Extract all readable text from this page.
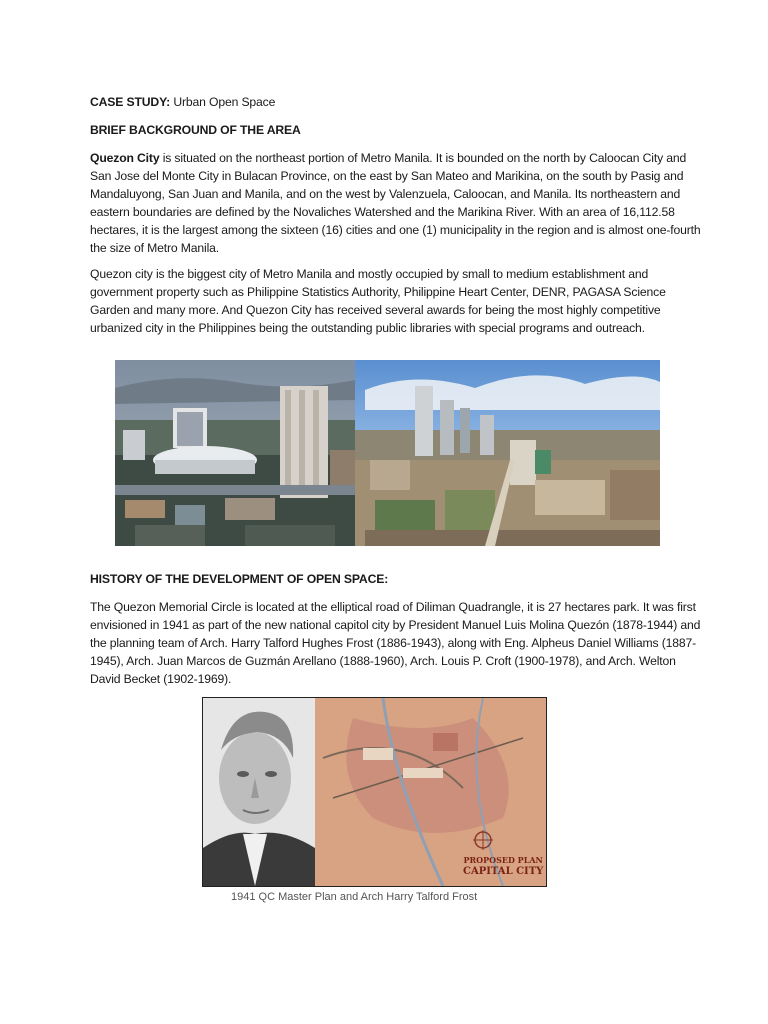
CASE STUDY: Urban Open Space
BRIEF BACKGROUND OF THE AREA
Quezon City is situated on the northeast portion of Metro Manila. It is bounded on the north by Caloocan City and
San Jose del Monte City in Bulacan Province, on the east by San Mateo and Marikina, on the south by Pasig and
Mandaluyong, San Juan and Manila, and on the west by Valenzuela, Caloocan, and Manila. Its northeastern and
eastern boundaries are defined by the Novaliches Watershed and the Marikina River. With an area of 16,112.58
hectares, it is the largest among the sixteen (16) cities and one (1) municipality in the region and is almost one-fourth
the size of Metro Manila.
Quezon city is the biggest city of Metro Manila and mostly occupied by small to medium establishment and
government property such as Philippine Statistics Authority, Philippine Heart Center, DENR, PAGASA Science
Garden and many more. And Quezon City has received several awards for being the most highly competitive
urbanized city in the Philippines being the outstanding public libraries with special programs and outreach.
HISTORY OF THE DEVELOPMENT OF OPEN SPACE:
The Quezon Memorial Circle is located at the elliptical road of Diliman Quadrangle, it is 27 hectares park. It was first
envisioned in 1941 as part of the new national capitol city by President Manuel Luis Molina Quezón (1878-1944) and
the planning team of Arch. Harry Talford Hughes Frost (1886-1943), along with Eng. Alpheus Daniel Williams (1887-
1945), Arch. Juan Marcos de Guzmán Arellano (1888-1960), Arch. Louis P. Croft (1900-1978), and Arch. Welton
David Becket (1902-1969).
PROPOSED PLAN
CAPITAL CITY
1941 QC Master Plan and Arch Harry Talford Frost
